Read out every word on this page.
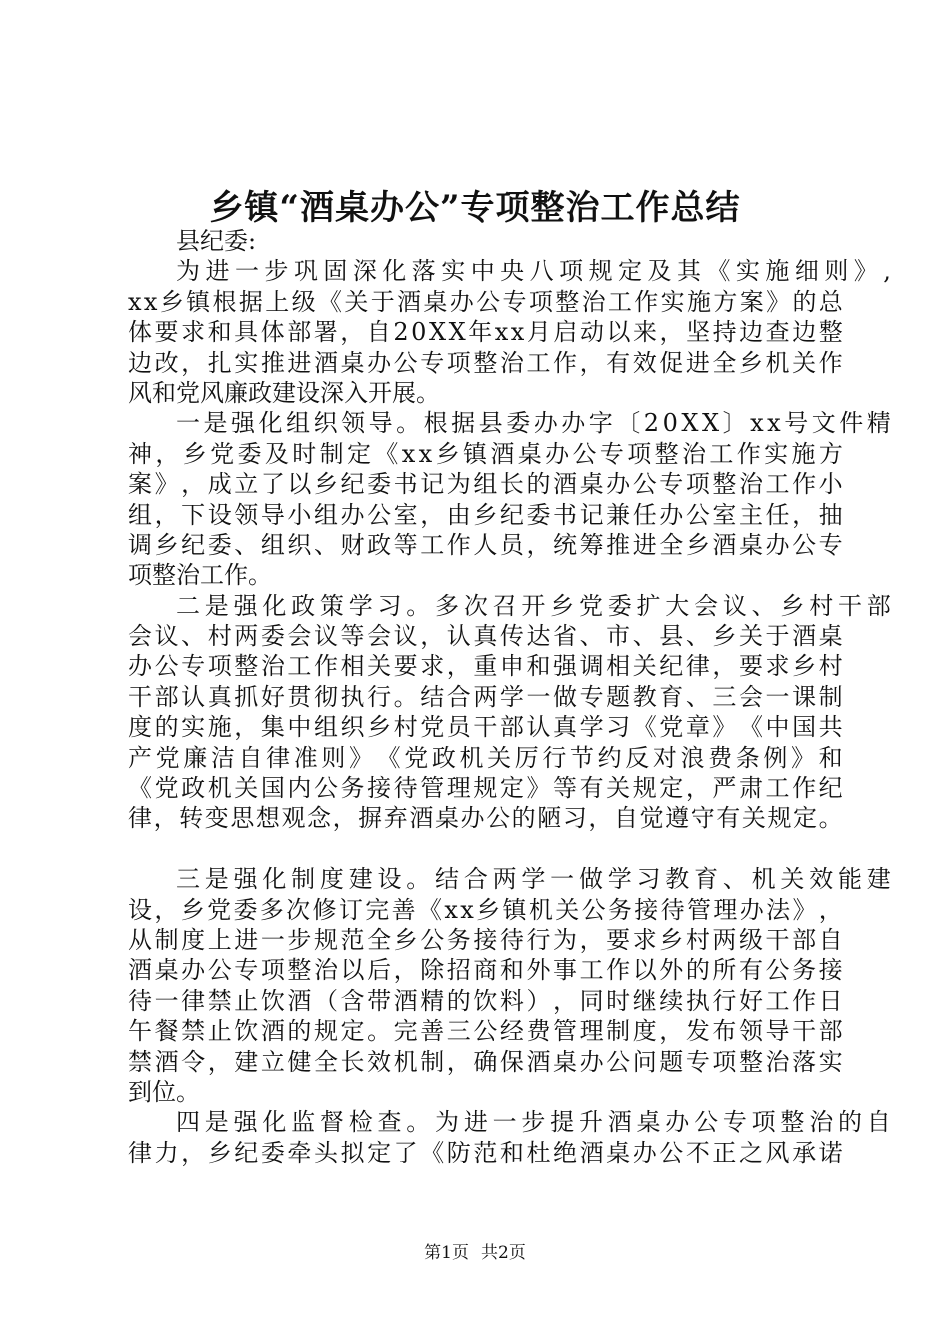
乡镇“酒桌办公”专项整治工作总结
县纪委:
为 进 一 步 巩 固 深 化 落 实 中 央 八 项 规 定 及 其 《 实 施 细 则 》 ,
x x 乡 镇 根 据 上 级 《 关 于 酒 桌 办 公 专 项 整 治 工 作 实 施 方 案 》 的 总
体 要 求 和 具 体 部 署 ， 自 2 0 X X 年 x x 月 启 动 以 来 ， 坚 持 边 查 边 整
边 改 ， 扎 实 推 进 酒 桌 办 公 专 项 整 治 工 作 ， 有 效 促 进 全 乡 机 关 作
风和党风廉政建设深入开展。
一 是 强 化 组 织 领 导 。 根 据 县 委 办 办 字 〔 2 0 X X 〕 x x 号 文 件 精
神 ， 乡 党 委 及 时 制 定 《 x x 乡 镇 酒 桌 办 公 专 项 整 治 工 作 实 施 方
案 》 ， 成 立 了 以 乡 纪 委 书 记 为 组 长 的 酒 桌 办 公 专 项 整 治 工 作 小
组 ， 下 设 领 导 小 组 办 公 室 ， 由 乡 纪 委 书 记 兼 任 办 公 室 主 任 ， 抽
调 乡 纪 委 、 组 织 、 财 政 等 工 作 人 员 ， 统 筹 推 进 全 乡 酒 桌 办 公 专
项整治工作。
二 是 强 化 政 策 学 习 。 多 次 召 开 乡 党 委 扩 大 会 议 、 乡 村 干 部
会 议 、 村 两 委 会 议 等 会 议 ， 认 真 传 达 省 、 市 、 县 、 乡 关 于 酒 桌
办 公 专 项 整 治 工 作 相 关 要 求 ， 重 申 和 强 调 相 关 纪 律 ， 要 求 乡 村
干 部 认 真 抓 好 贯 彻 执 行 。 结 合 两 学 一 做 专 题 教 育 、 三 会 一 课 制
度 的 实 施 ， 集 中 组 织 乡 村 党 员 干 部 认 真 学 习 《 党 章 》 《 中 国 共
产 党 廉 洁 自 律 准 则 》 《 党 政 机 关 厉 行 节 约 反 对 浪 费 条 例 》 和
《 党 政 机 关 国 内 公 务 接 待 管 理 规 定 》 等 有 关 规 定 ， 严 肃 工 作 纪
律 ， 转 变 思 想 观 念 ， 摒 弃 酒 桌 办 公 的 陋 习 ， 自 觉 遵 守 有 关 规 定 。
三 是 强 化 制 度 建 设 。 结 合 两 学 一 做 学 习 教 育 、 机 关 效 能 建
设 ， 乡 党 委 多 次 修 订 完 善 《 x x 乡 镇 机 关 公 务 接 待 管 理 办 法 》 ，
从 制 度 上 进 一 步 规 范 全 乡 公 务 接 待 行 为 ， 要 求 乡 村 两 级 干 部 自
酒 桌 办 公 专 项 整 治 以 后 ， 除 招 商 和 外 事 工 作 以 外 的 所 有 公 务 接
待 一 律 禁 止 饮 酒 （ 含 带 酒 精 的 饮 料 ） ， 同 时 继 续 执 行 好 工 作 日
午 餐 禁 止 饮 酒 的 规 定 。 完 善 三 公 经 费 管 理 制 度 ， 发 布 领 导 干 部
禁 酒 令 ， 建 立 健 全 长 效 机 制 ， 确 保 酒 桌 办 公 问 题 专 项 整 治 落 实
到位。
四 是 强 化 监 督 检 查 。 为 进 一 步 提 升 酒 桌 办 公 专 项 整 治 的 自
律 力 ， 乡 纪 委 牵 头 拟 定 了 《 防 范 和 杜 绝 酒 桌 办 公 不 正 之 风 承 诺
第1页 共2页
